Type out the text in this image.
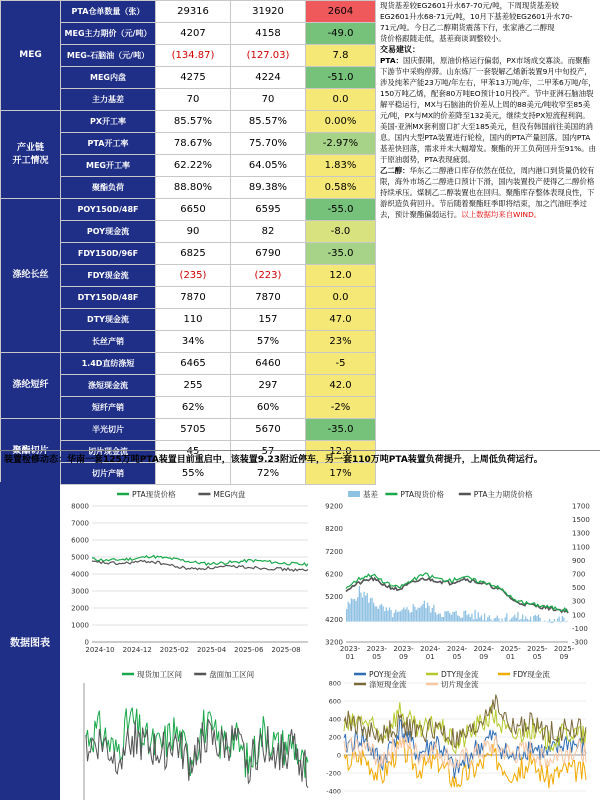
MEG	PTA仓单数量（张）	29316	31920	2604
	MEG主力期价（元/吨）	4207	4158	-49.0
	MEG-石脑油（元/吨）	(134.87)	(127.03)	7.8
	MEG内盘	4275	4224	-51.0
	主力基差	70	70	0.0
产业链
开工情况	PX开工率	85.57%	85.57%	0.00%
	PTA开工率	78.67%	75.70%	-2.97%
	MEG开工率	62.22%	64.05%	1.83%
	聚酯负荷	88.80%	89.38%	0.58%
涤纶长丝	POY150D/48F	6650	6595	-55.0
	POY现金流	90	82	-8.0
	FDY150D/96F	6825	6790	-35.0
	FDY现金流	(235)	(223)	12.0
	DTY150D/48F	7870	7870	0.0
	DTY现金流	110	157	47.0
	长丝产销	34%	57%	23%
涤纶短纤	1.4D直纺涤短	6465	6460	-5
	涤短现金流	255	297	42.0
	短纤产销	62%	60%	-2%
聚酯切片	半光切片	5705	5670	-35.0
	切片现金流	45	57	12.0
	切片产销	55%	72%	17%

现货基差较EG2601升水67-70元/吨，下周现货基差较

EG2601升水68-71元/吨，10月下基差较EG2601升水70-

71元/吨。今日乙二醇期货震荡下行，张家港乙二醇现

货价格跟随走低，基差商谈调整较小。

交易建议：

PTA：国庆假期，原油价格运行偏弱，PX市场成交寡淡。而聚酯下游节中采购停滞。山东炼厂一套裂解乙烯新装置9月中旬投产，涉及纯苯产能23万吨/年左右，甲苯13万吨/年，二甲苯6万吨/年，150万吨乙烯，配套80万吨EO预计10月投产。节中亚洲石脑油裂解平稳运行，MX与石脑油的价差从上周的88美元/吨收窄至85美元/吨，PX与MX的价差降至132美元，继续支持PX短流程利润。美国-亚洲MX套利窗口扩大至185美元，但没有韩国前往美国的消息。国内大型PTA装置进行轮检，国内的PTA产量回落。国内PTA基差快回落，需求并未大幅增发。聚酯的开工负荷回升至91%。由于原油弱势，PTA表现疲弱。

乙二醇：华东乙二醇港口库存依然在低位，周内港口到货量仍较有限，海外市场乙二醇进口预计下滑，国内装置投产使得乙二醇价格持续承压。煤制乙二醇装置也在回归。聚酯库存整体表现良性，下游织造负荷回升。节后随着聚酯旺季即将结束，加之汽油旺季过去，预计聚酯偏弱运行。以上数据均来自WIND。

装置检修动态：华南一套125万吨PTA装置目前重启中，该装置9.23附近停车，另一套110万吨PTA装置负荷提升，上周低负荷运行。
数据图表	0
1000
2000
3000
4000
5000
6000
7000
8000
2024-10 2024-12 2025-02 2025-04 2025-06 2025-08
PTA现货价格	MEG内盘
3200
4200
5200
6200
7200
8200
9200
-300
-100
100
300
500
700
900
1100
1300
1500
1700
2023-
01
2023-
05
2023-
09
2024-
01
2024-
05
2024-
09
2025-
01
2025-
05
2025-
09
基差	PTA现货价格	PTA主力期货价格
现货加工区间	盘面加工区间
800
600
400
200
0
-200
-400
POY现金流	DTY现金流	FDY现金流
涤短现金流	切片现金流
